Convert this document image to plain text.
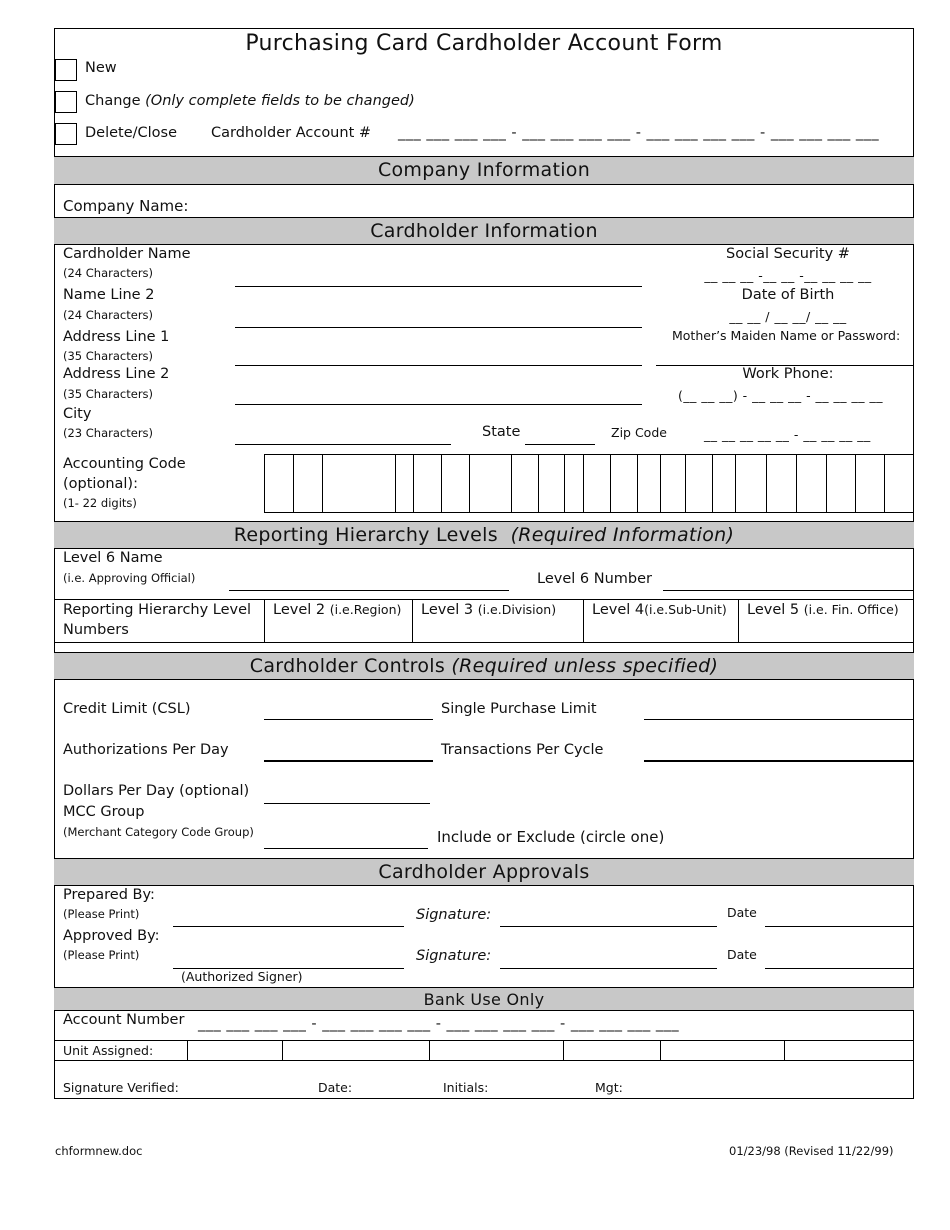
Purchasing Card Cardholder Account Form
New
Change (Only complete fields to be changed)
Delete/Close Cardholder Account # ___ ___ ___ ___ - ___ ___ ___ ___ - ___ ___ ___ ___ - ___ ___ ___ ___
Company Information
Company Name:
Cardholder Information
Cardholder Name
(24 Characters)
Name Line 2
(24 Characters)
Address Line 1
(35 Characters)
Address Line 2
(35 Characters)
City
(23 Characters)	State	Zip Code	__ __ __ __ __ - __ __ __ __
Social Security #
__ __ __ -__ __ -__ __ __ __
Date of Birth
__ __ / __ __/ __ __
Mother’s Maiden Name or Password:
Work Phone:
(__ __ __) - __ __ __ - __ __ __ __
Accounting Code
(optional):
(1- 22 digits)
Reporting Hierarchy Levels (Required Information)
Level 6 Name
(i.e. Approving Official)	Level 6 Number
Reporting Hierarchy Level
Numbers
Level 2 (i.e.Region) Level 3 (i.e.Division) Level 4(i.e.Sub-Unit) Level 5 (i.e. Fin. Office)
Cardholder Controls (Required unless specified)
Credit Limit (CSL)	Single Purchase Limit
Authorizations Per Day	Transactions Per Cycle
Dollars Per Day (optional)
MCC Group
(Merchant Category Code Group)	Include or Exclude (circle one)
Cardholder Approvals
Prepared By:
(Please Print)	Signature:	Date
Approved By:
(Please Print)	Signature:	Date
(Authorized Signer)
Bank Use Only
Account Number ___ ___ ___ ___ - ___ ___ ___ ___ - ___ ___ ___ ___ - ___ ___ ___ ___
Unit Assigned:
Signature Verified:	Date:	Initials:	Mgt:
chformnew.doc	01/23/98 (Revised 11/22/99)
